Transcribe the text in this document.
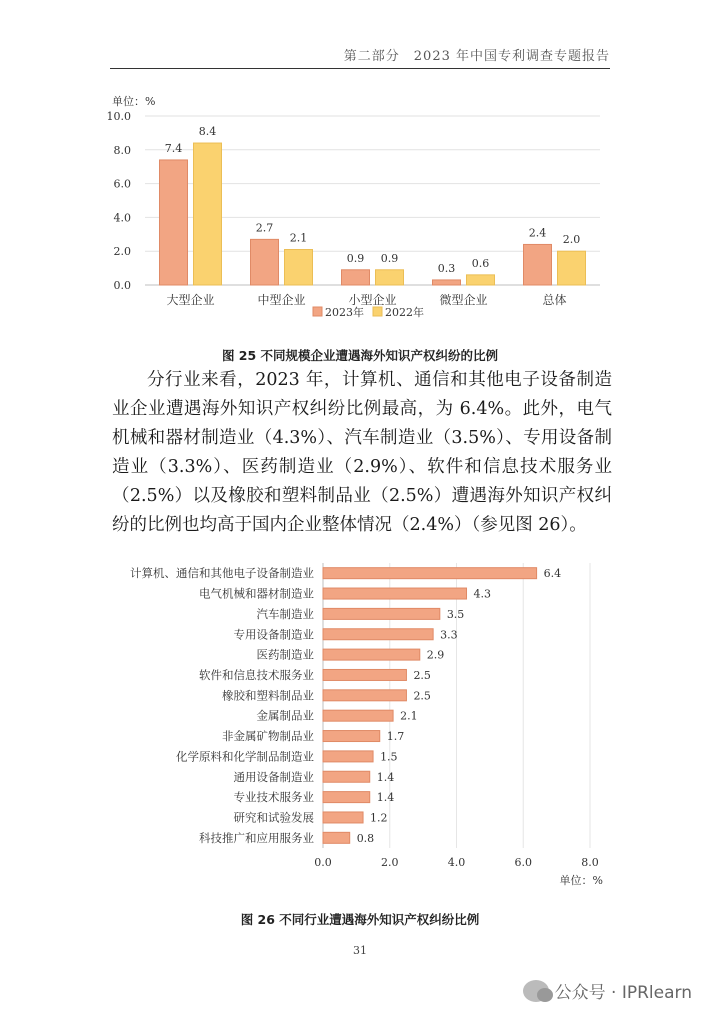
第二部分　2023 年中国专利调查专题报告
单位：%
0.0
2.0
4.0
6.0
8.0
10.0
7.4
8.4
大型企业
2.7
2.1
中型企业
0.9 0.9
小型企业
0.3 0.6
微型企业
2.4
2.0
总体
2023年 2022年
图 25 不同规模企业遭遇海外知识产权纠纷的比例
分行业来看，2023 年，计算机、通信和其他电子设备制造业企业遭遇海外知识产权纠纷比例最高，为 6.4%。此外，电气机械和器材制造业（4.3%）、汽车制造业（3.5%）、专用设备制造业（3.3%）、医药制造业（2.9%）、软件和信息技术服务业（2.5%）以及橡胶和塑料制品业（2.5%）遭遇海外知识产权纠纷的比例也均高于国内企业整体情况（2.4%）（参见图 26）。
0.0	2.0	4.0	6.0	8.0
6.4
计算机、通信和其他电子设备制造业
4.3
电气机械和器材制造业
3.5
汽车制造业
3.3
专用设备制造业
2.9
医药制造业
2.5
软件和信息技术服务业
2.5
橡胶和塑料制品业
2.1
金属制品业
1.7
非金属矿物制品业
1.5
化学原料和化学制品制造业
1.4
通用设备制造业
1.4
专业技术服务业
1.2
研究和试验发展
0.8
科技推广和应用服务业
单位：%
图 26 不同行业遭遇海外知识产权纠纷比例
31
公众号 · IPRlearn
